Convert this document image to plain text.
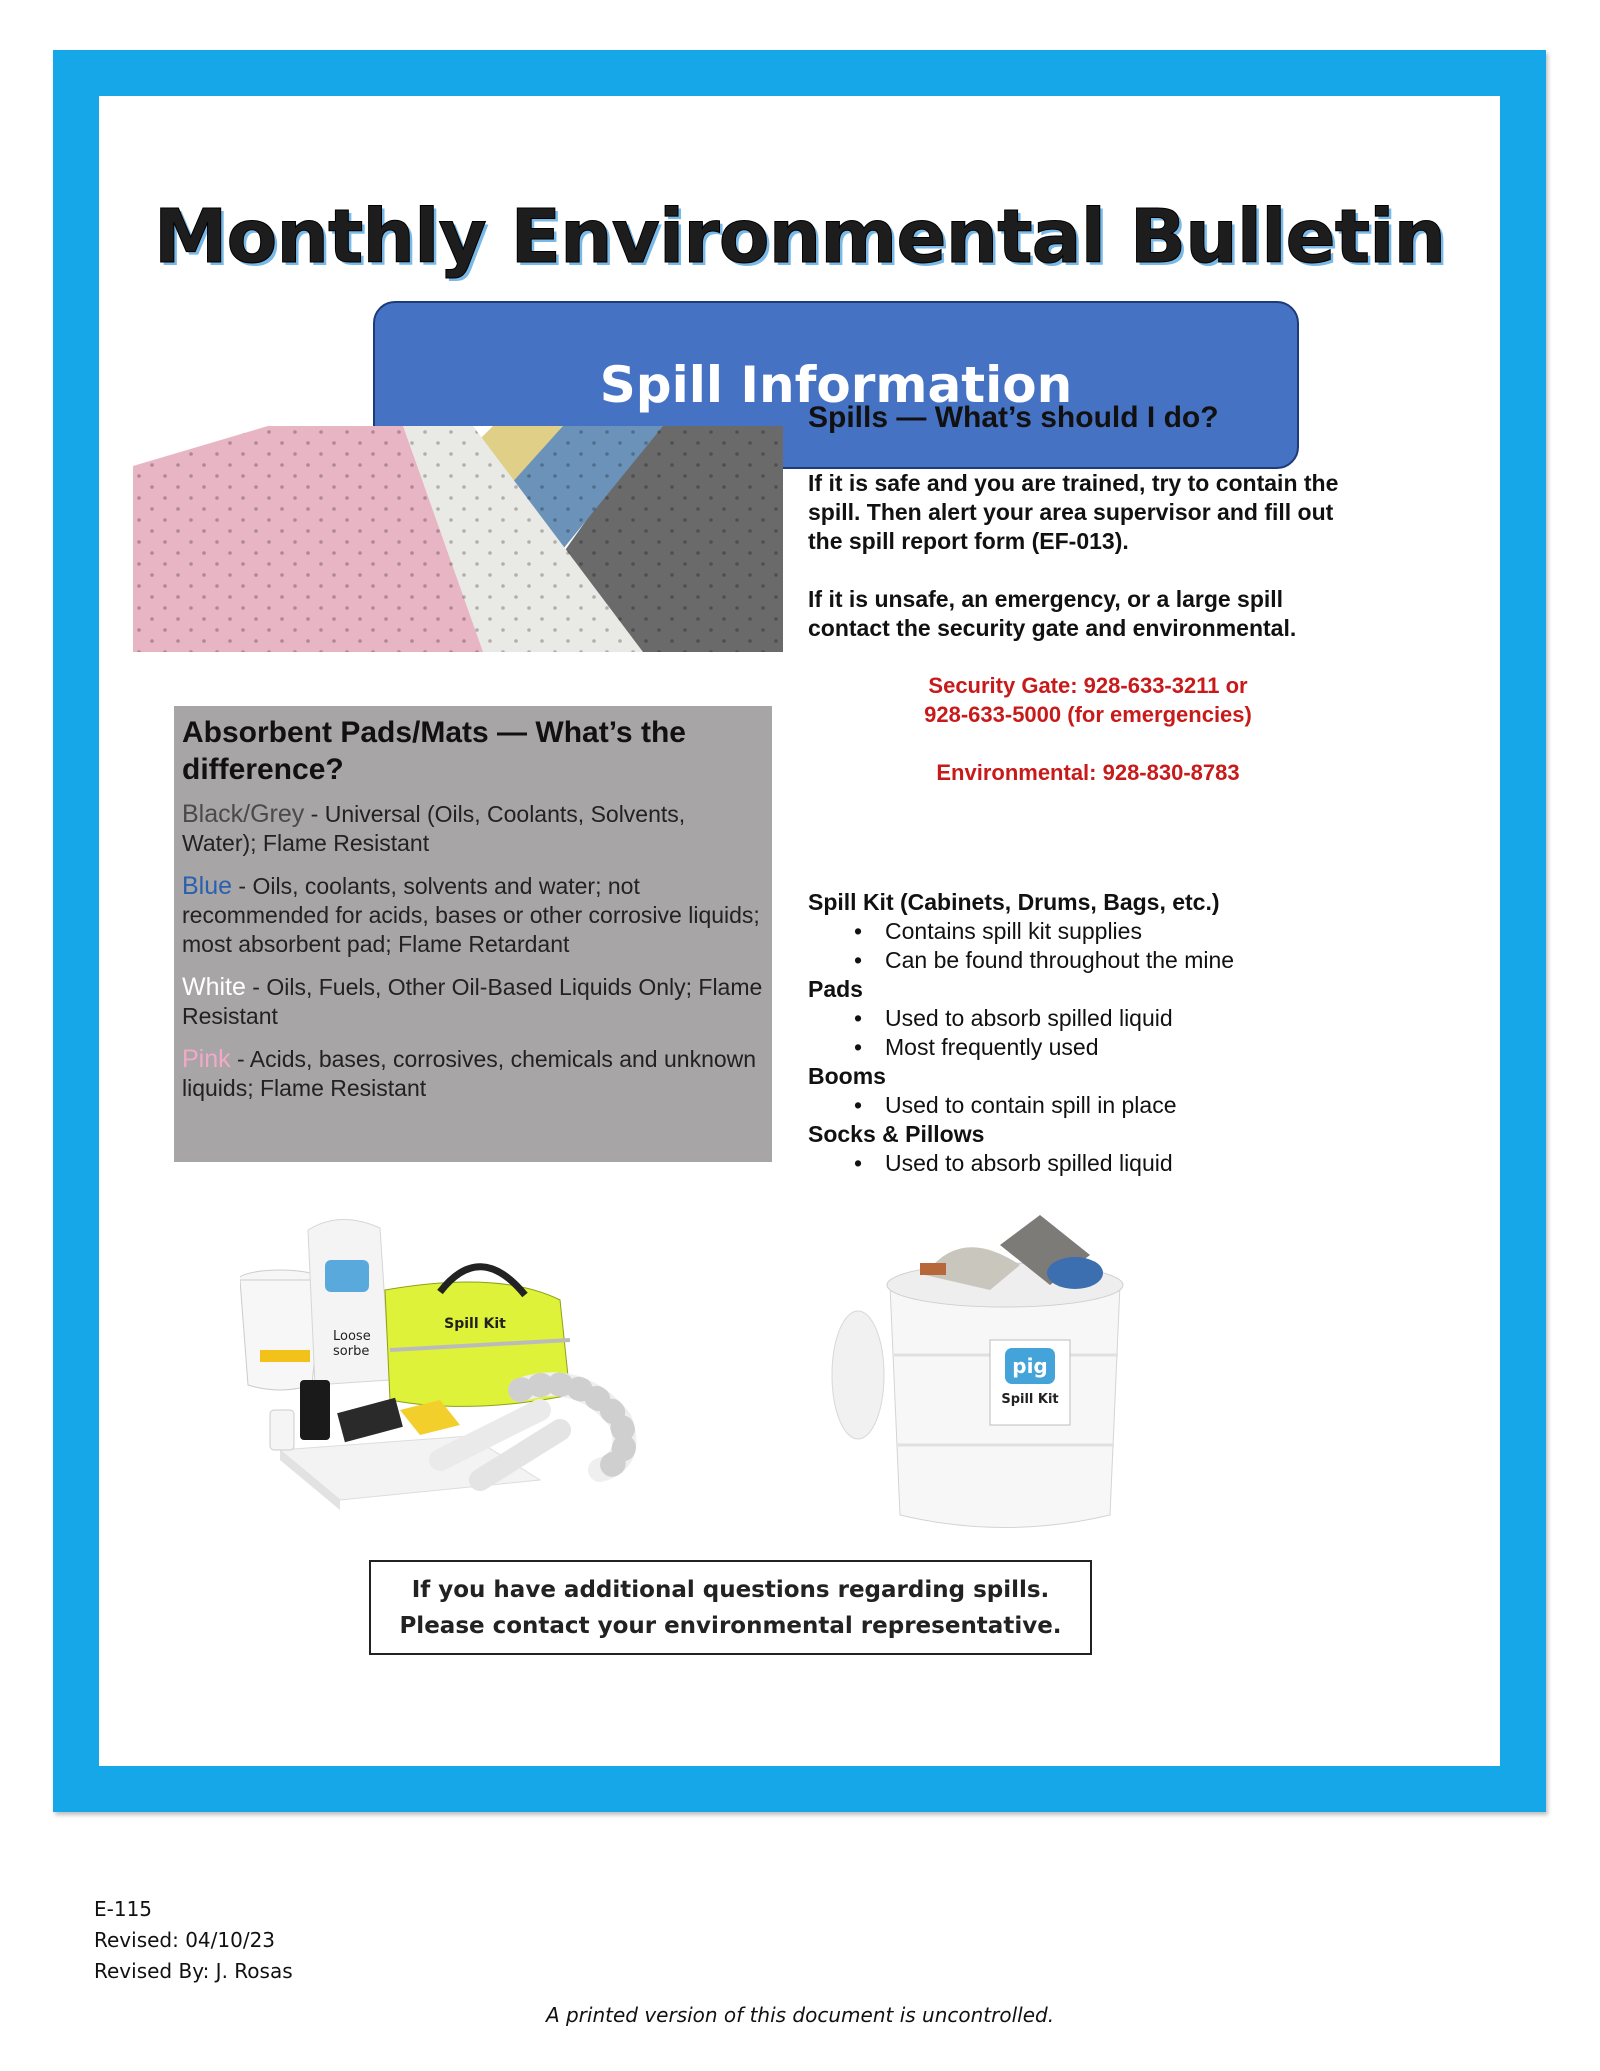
Monthly Environmental Bulletin
Spill Information
Absorbent Pads/Mats — What’s the difference?

Black/Grey - Universal (Oils, Coolants, Solvents, Water); Flame Resistant

Blue - Oils, coolants, solvents and water; not recommended for acids, bases or other corrosive liquids; most absorbent pad; Flame Retardant

White - Oils, Fuels, Other Oil-Based Liquids Only; Flame Resistant

Pink - Acids, bases, corrosives, chemicals and unknown liquids; Flame Resistant

Spills — What’s should I do?

If it is safe and you are trained, try to contain the spill. Then alert your area supervisor and fill out the spill report form (EF-013).

If it is unsafe, an emergency, or a large spill contact the security gate and environmental.

Security Gate: 928-633-3211 or
928-633-5000 (for emergencies)
Environmental: 928-830-8783
Spill Kit (Cabinets, Drums, Bags, etc.)
• Contains spill kit supplies
• Can be found throughout the mine
Pads
• Used to absorb spilled liquid
• Most frequently used
Booms
• Used to contain spill in place
Socks & Pillows
• Used to absorb spilled liquid
Loose
sorbe
Spill Kit
pig
Spill Kit
If you have additional questions regarding spills.
Please contact your environmental representative.
E-115
Revised: 04/10/23
Revised By: J. Rosas
A printed version of this document is uncontrolled.
